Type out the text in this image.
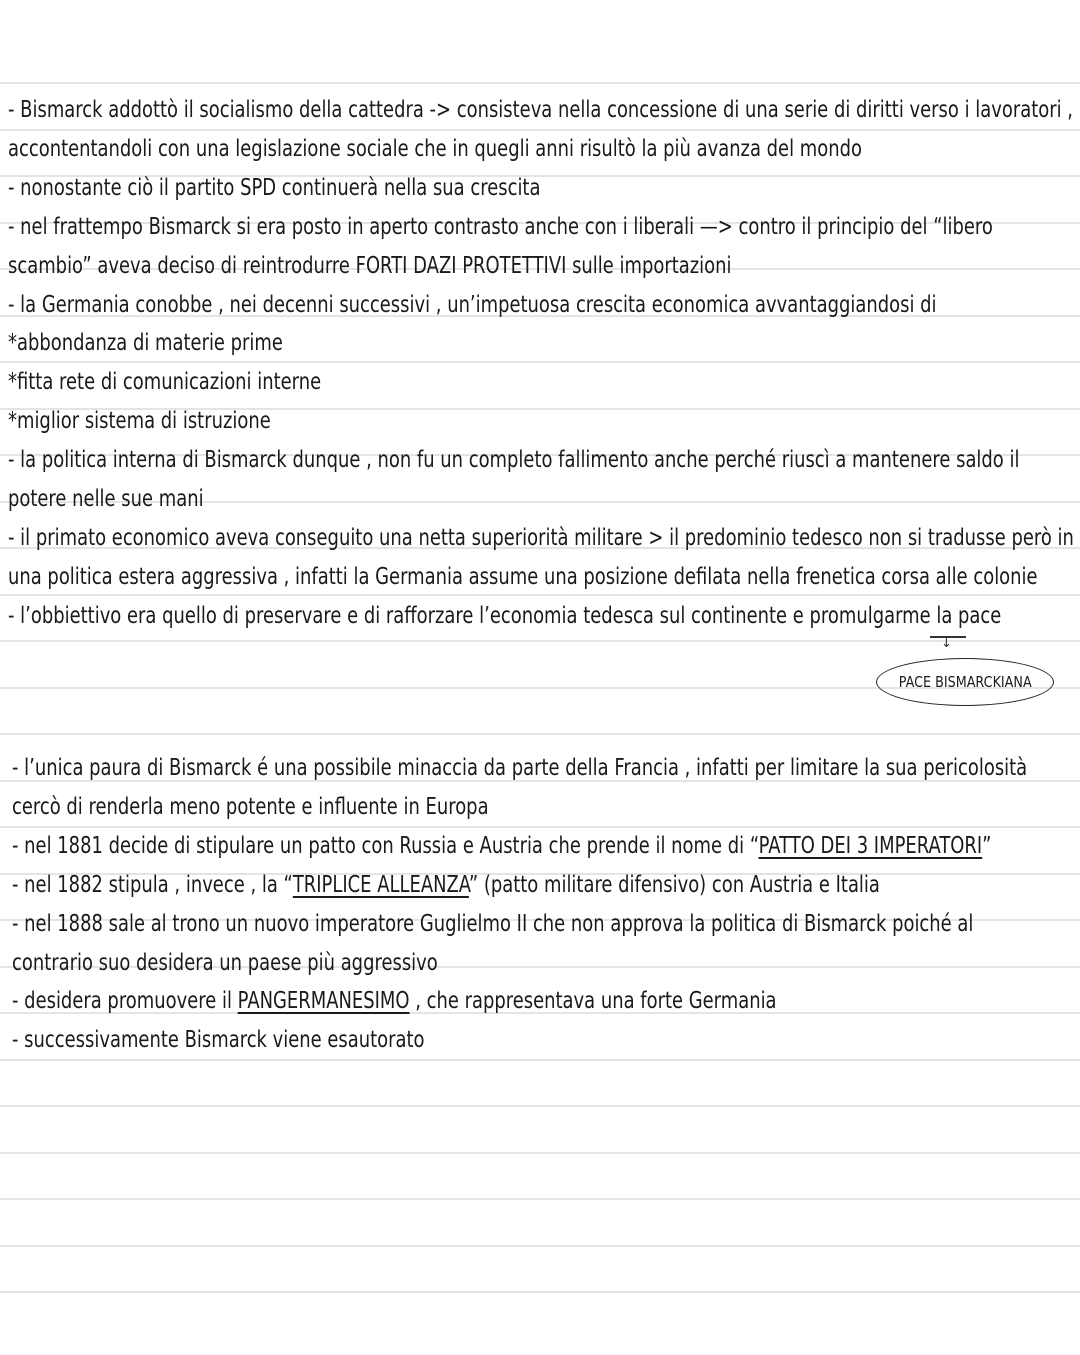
- Bismarck addottò il socialismo della cattedra -> consisteva nella concessione di una serie di diritti verso i lavoratori ,
accontentandoli con una legislazione sociale che in quegli anni risultò la più avanza del mondo
- nonostante ciò il partito SPD continuerà nella sua crescita
- nel frattempo Bismarck si era posto in aperto contrasto anche con i liberali —> contro il principio del “libero
scambio” aveva deciso di reintrodurre FORTI DAZI PROTETTIVI sulle importazioni
- la Germania conobbe , nei decenni successivi , un’impetuosa crescita economica avvantaggiandosi di
*abbondanza di materie prime
*fitta rete di comunicazioni interne
*miglior sistema di istruzione
- la politica interna di Bismarck dunque , non fu un completo fallimento anche perché riuscì a mantenere saldo il
potere nelle sue mani
- il primato economico aveva conseguito una netta superiorità militare > il predominio tedesco non si tradusse però in
una politica estera aggressiva , infatti la Germania assume una posizione defilata nella frenetica corsa alle colonie
- l’obbiettivo era quello di preservare e di rafforzare l’economia tedesca sul continente e promulgarme la pace
↓
PACE BISMARCKIANA
- l’unica paura di Bismarck é una possibile minaccia da parte della Francia , infatti per limitare la sua pericolosità
cercò di renderla meno potente e influente in Europa
- nel 1881 decide di stipulare un patto con Russia e Austria che prende il nome di “PATTO DEI 3 IMPERATORI”
- nel 1882 stipula , invece , la “TRIPLICE ALLEANZA” (patto militare difensivo) con Austria e Italia
- nel 1888 sale al trono un nuovo imperatore Guglielmo II che non approva la politica di Bismarck poiché al
contrario suo desidera un paese più aggressivo
- desidera promuovere il PANGERMANESIMO , che rappresentava una forte Germania
- successivamente Bismarck viene esautorato
